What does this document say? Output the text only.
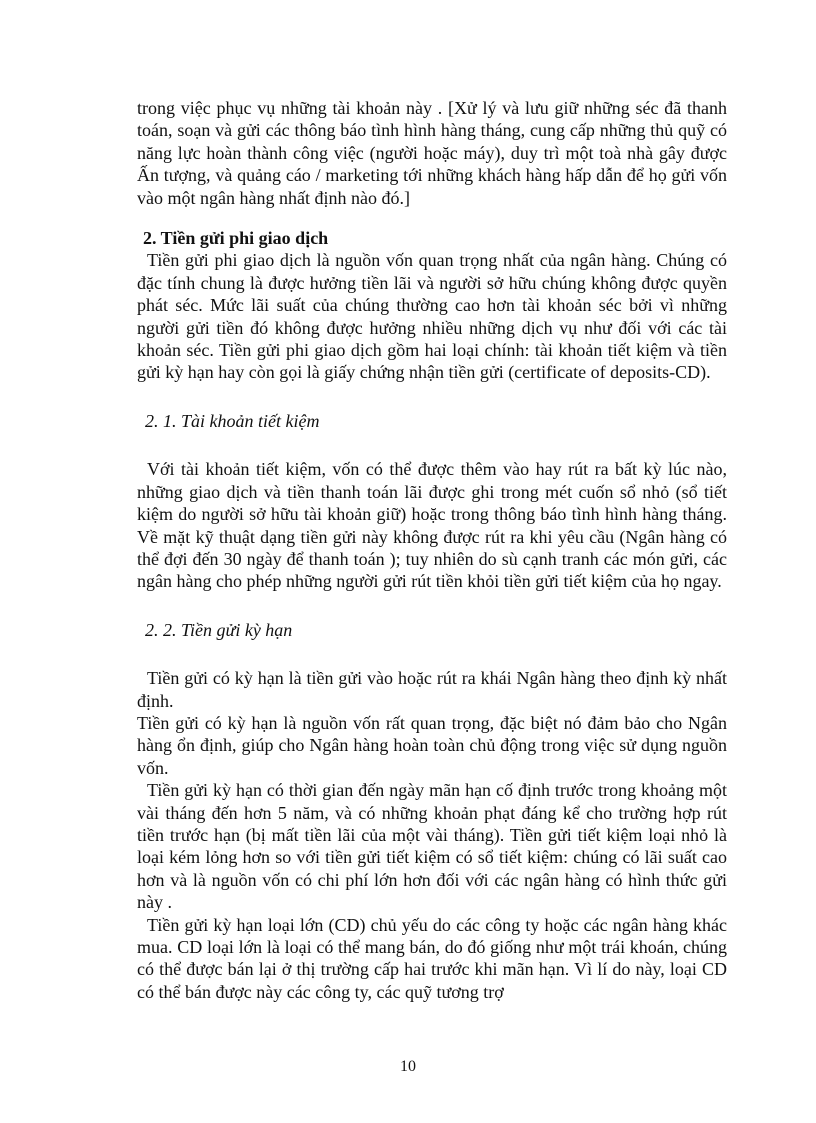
trong việc phục vụ những tài khoản này . [Xử lý và lưu giữ những séc đã thanh toán, soạn và gửi các thông báo tình hình hàng tháng, cung cấp những thủ quỹ có năng lực hoàn thành công việc (người hoặc máy), duy trì một toà nhà gây được Ấn tượng, và quảng cáo / marketing tới những khách hàng hấp dẫn để họ gửi vốn vào một ngân hàng nhất định nào đó.]

2. Tiền gửi phi giao dịch

Tiền gửi phi giao dịch là nguồn vốn quan trọng nhất của ngân hàng. Chúng có đặc tính chung là được hưởng tiền lãi và người sở hữu chúng không được quyền phát séc. Mức lãi suất của chúng thường cao hơn tài khoản séc bởi vì những người gửi tiền đó không được hưởng nhiều những dịch vụ như đối với các tài khoản séc. Tiền gửi phi giao dịch gồm hai loại chính: tài khoản tiết kiệm và tiền gửi kỳ hạn hay còn gọi là giấy chứng nhận tiền gửi (certificate of deposits-CD).

2. 1. Tài khoản tiết kiệm

Với tài khoản tiết kiệm, vốn có thể được thêm vào hay rút ra bất kỳ lúc nào, những giao dịch và tiền thanh toán lãi được ghi trong mét cuốn sổ nhỏ (sổ tiết kiệm do người sở hữu tài khoản giữ) hoặc trong thông báo tình hình hàng tháng. Về mặt kỹ thuật dạng tiền gửi này không được rút ra khi yêu cầu (Ngân hàng có thể đợi đến 30 ngày để thanh toán ); tuy nhiên do sù cạnh tranh các món gửi, các ngân hàng cho phép những người gửi rút tiền khỏi tiền gửi tiết kiệm của họ ngay.

2. 2. Tiền gửi kỳ hạn

Tiền gửi có kỳ hạn là tiền gửi vào hoặc rút ra khái Ngân hàng theo định kỳ nhất định.

Tiền gửi có kỳ hạn là nguồn vốn rất quan trọng, đặc biệt nó đảm bảo cho Ngân hàng ổn định, giúp cho Ngân hàng hoàn toàn chủ động trong việc sử dụng nguồn vốn.

Tiền gửi kỳ hạn có thời gian đến ngày mãn hạn cố định trước trong khoảng một vài tháng đến hơn 5 năm, và có những khoản phạt đáng kể cho trường hợp rút tiền trước hạn (bị mất tiền lãi của một vài tháng). Tiền gửi tiết kiệm loại nhỏ là loại kém lỏng hơn so với tiền gửi tiết kiệm có sổ tiết kiệm: chúng có lãi suất cao hơn và là nguồn vốn có chi phí lớn hơn đối với các ngân hàng có hình thức gửi này .

Tiền gửi kỳ hạn loại lớn (CD) chủ yếu do các công ty hoặc các ngân hàng khác mua. CD loại lớn là loại có thể mang bán, do đó giống như một trái khoán, chúng có thể được bán lại ở thị trường cấp hai trước khi mãn hạn. Vì lí do này, loại CD có thể bán được này các công ty, các quỹ tương trợ

10
